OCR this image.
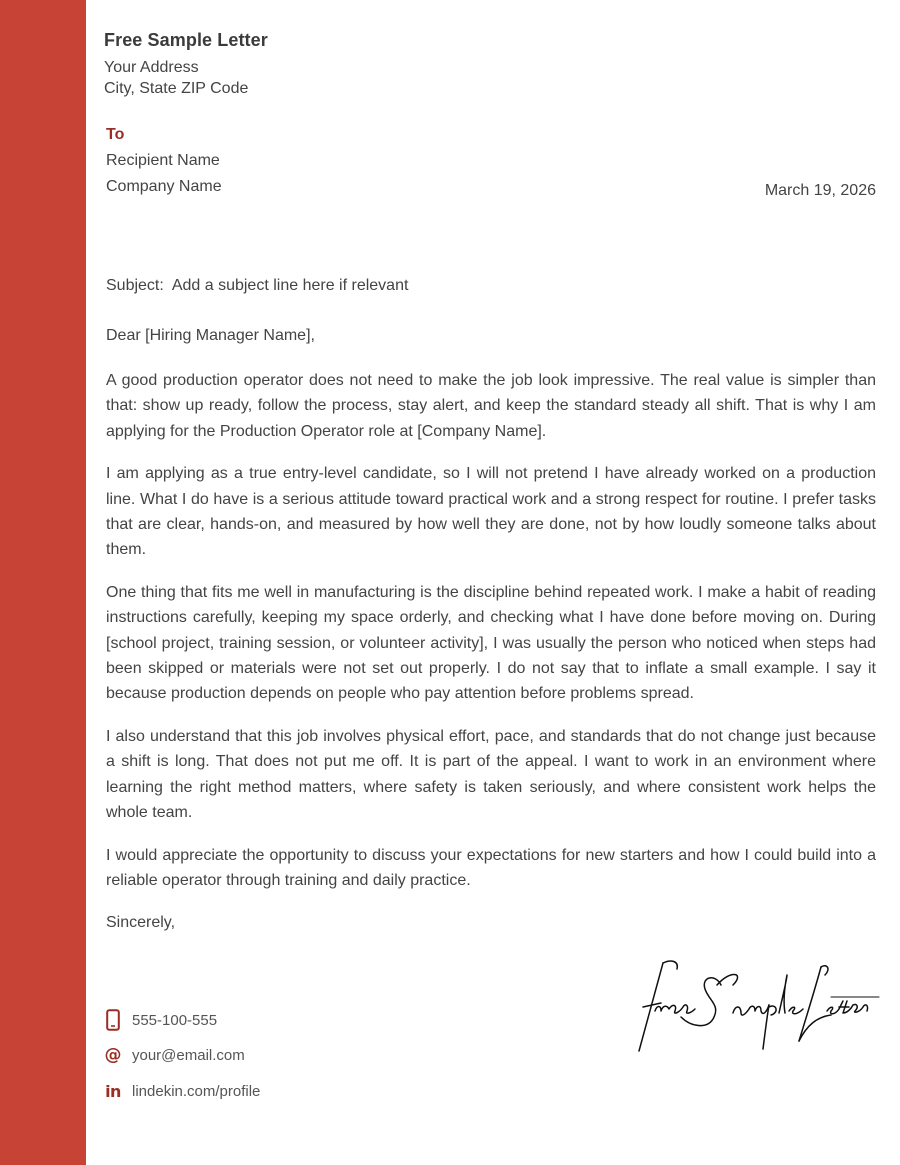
Free Sample Letter
Your Address
City, State ZIP Code
To
Recipient Name
Company Name	March 19, 2026
Subject:  Add a subject line here if relevant
Dear [Hiring Manager Name],

A good production operator does not need to make the job look impressive. The real value is simpler than that: show up ready, follow the process, stay alert, and keep the standard steady all shift. That is why I am applying for the Production Operator role at [Company Name].

I am applying as a true entry-level candidate, so I will not pretend I have already worked on a production line. What I do have is a serious attitude toward practical work and a strong respect for routine. I prefer tasks that are clear, hands-on, and measured by how well they are done, not by how loudly someone talks about them.

One thing that fits me well in manufacturing is the discipline behind repeated work. I make a habit of reading instructions carefully, keeping my space orderly, and checking what I have done before moving on. During [school project, training session, or volunteer activity], I was usually the person who noticed when steps had been skipped or materials were not set out properly. I do not say that to inflate a small example. I say it because production depends on people who pay attention before problems spread.

I also understand that this job involves physical effort, pace, and standards that do not change just because a shift is long. That does not put me off. It is part of the appeal. I want to work in an environment where learning the right method matters, where safety is taken seriously, and where consistent work helps the whole team.

I would appreciate the opportunity to discuss your expectations for new starters and how I could build into a reliable operator through training and daily practice.

Sincerely,
555-100-555
@ your@email.com
in lindekin.com/profile
